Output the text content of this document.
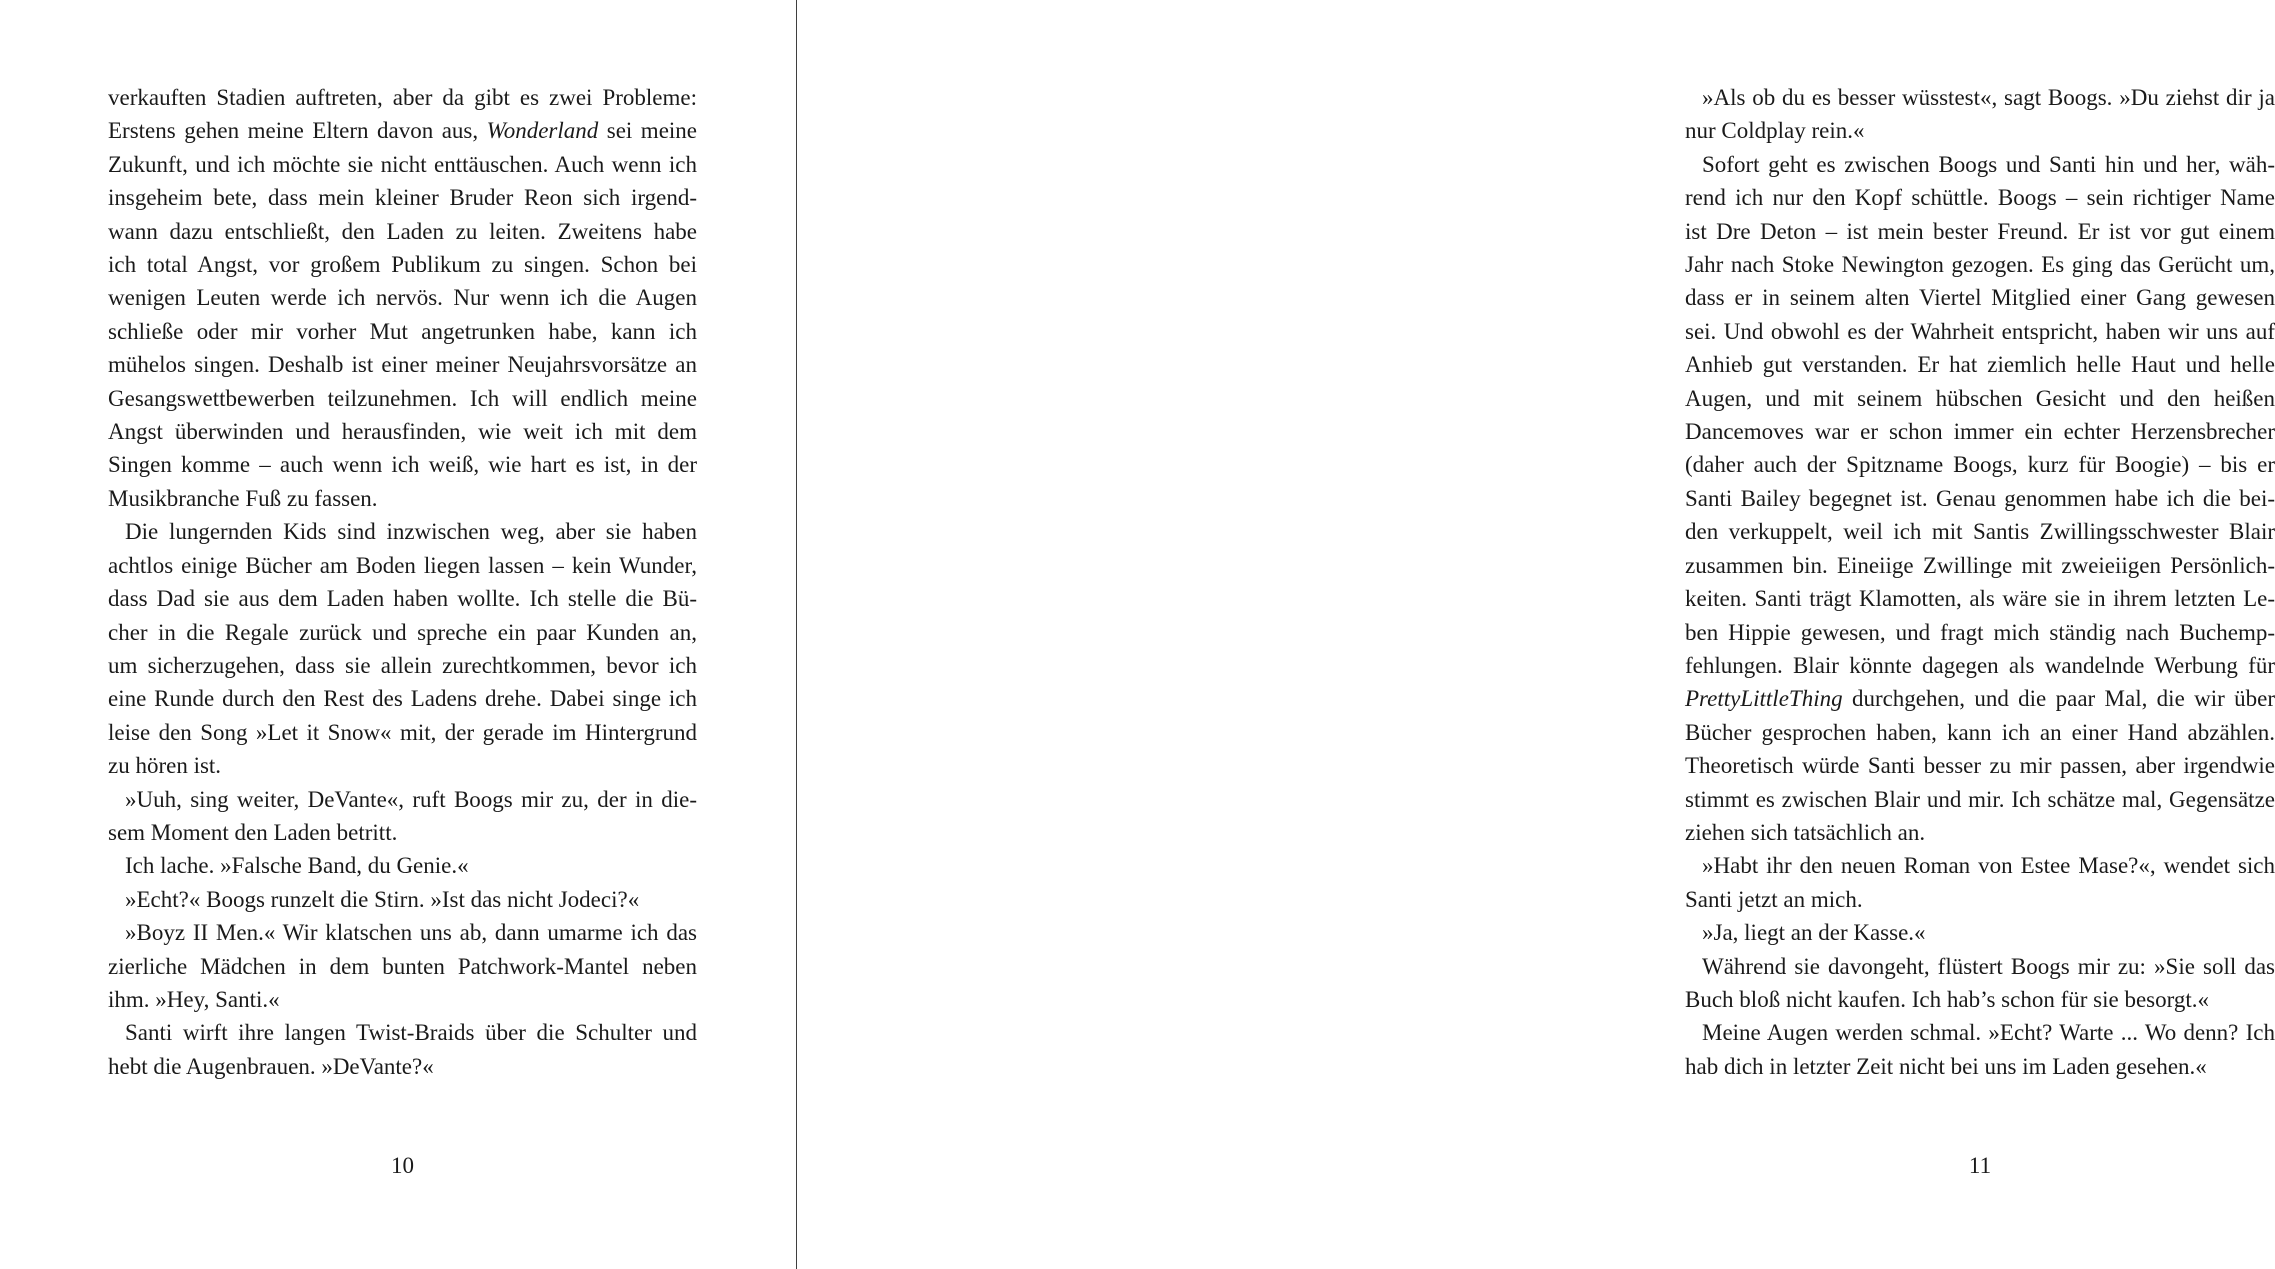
verkauften Stadien auftreten, aber da gibt es zwei Probleme:
Erstens gehen meine Eltern davon aus, Wonderland sei meine
Zukunft, und ich möchte sie nicht enttäuschen. Auch wenn ich
insgeheim bete, dass mein kleiner Bruder Reon sich irgend-
wann dazu entschließt, den Laden zu leiten. Zweitens habe
ich total Angst, vor großem Publikum zu singen. Schon bei
wenigen Leuten werde ich nervös. Nur wenn ich die Augen
schließe oder mir vorher Mut angetrunken habe, kann ich
mühelos singen. Deshalb ist einer meiner Neujahrsvorsätze an
Gesangswettbewerben teilzunehmen. Ich will endlich meine
Angst überwinden und herausfinden, wie weit ich mit dem
Singen komme – auch wenn ich weiß, wie hart es ist, in der
Musikbranche Fuß zu fassen.
Die lungernden Kids sind inzwischen weg, aber sie haben
achtlos einige Bücher am Boden liegen lassen – kein Wunder,
dass Dad sie aus dem Laden haben wollte. Ich stelle die Bü-
cher in die Regale zurück und spreche ein paar Kunden an,
um sicherzugehen, dass sie allein zurechtkommen, bevor ich
eine Runde durch den Rest des Ladens drehe. Dabei singe ich
leise den Song »Let it Snow« mit, der gerade im Hintergrund
zu hören ist.
»Uuh, sing weiter, DeVante«, ruft Boogs mir zu, der in die-
sem Moment den Laden betritt.
Ich lache. »Falsche Band, du Genie.«
»Echt?« Boogs runzelt die Stirn. »Ist das nicht Jodeci?«
»Boyz II Men.« Wir klatschen uns ab, dann umarme ich das
zierliche Mädchen in dem bunten Patchwork-Mantel neben
ihm. »Hey, Santi.«
Santi wirft ihre langen Twist-Braids über die Schulter und
hebt die Augenbrauen. »DeVante?«
10
»Als ob du es besser wüsstest«, sagt Boogs. »Du ziehst dir ja
nur Coldplay rein.«
Sofort geht es zwischen Boogs und Santi hin und her, wäh-
rend ich nur den Kopf schüttle. Boogs – sein richtiger Name
ist Dre Deton – ist mein bester Freund. Er ist vor gut einem
Jahr nach Stoke Newington gezogen. Es ging das Gerücht um,
dass er in seinem alten Viertel Mitglied einer Gang gewesen
sei. Und obwohl es der Wahrheit entspricht, haben wir uns auf
Anhieb gut verstanden. Er hat ziemlich helle Haut und helle
Augen, und mit seinem hübschen Gesicht und den heißen
Dancemoves war er schon immer ein echter Herzensbrecher
(daher auch der Spitzname Boogs, kurz für Boogie) – bis er
Santi Bailey begegnet ist. Genau genommen habe ich die bei-
den verkuppelt, weil ich mit Santis Zwillingsschwester Blair
zusammen bin. Eineiige Zwillinge mit zweieiigen Persönlich-
keiten. Santi trägt Klamotten, als wäre sie in ihrem letzten Le-
ben Hippie gewesen, und fragt mich ständig nach Buchemp-
fehlungen. Blair könnte dagegen als wandelnde Werbung für
PrettyLittleThing durchgehen, und die paar Mal, die wir über
Bücher gesprochen haben, kann ich an einer Hand abzählen.
Theoretisch würde Santi besser zu mir passen, aber irgendwie
stimmt es zwischen Blair und mir. Ich schätze mal, Gegensätze
ziehen sich tatsächlich an.
»Habt ihr den neuen Roman von Estee Mase?«, wendet sich
Santi jetzt an mich.
»Ja, liegt an der Kasse.«
Während sie davongeht, flüstert Boogs mir zu: »Sie soll das
Buch bloß nicht kaufen. Ich hab’s schon für sie besorgt.«
Meine Augen werden schmal. »Echt? Warte ... Wo denn? Ich
hab dich in letzter Zeit nicht bei uns im Laden gesehen.«
11
